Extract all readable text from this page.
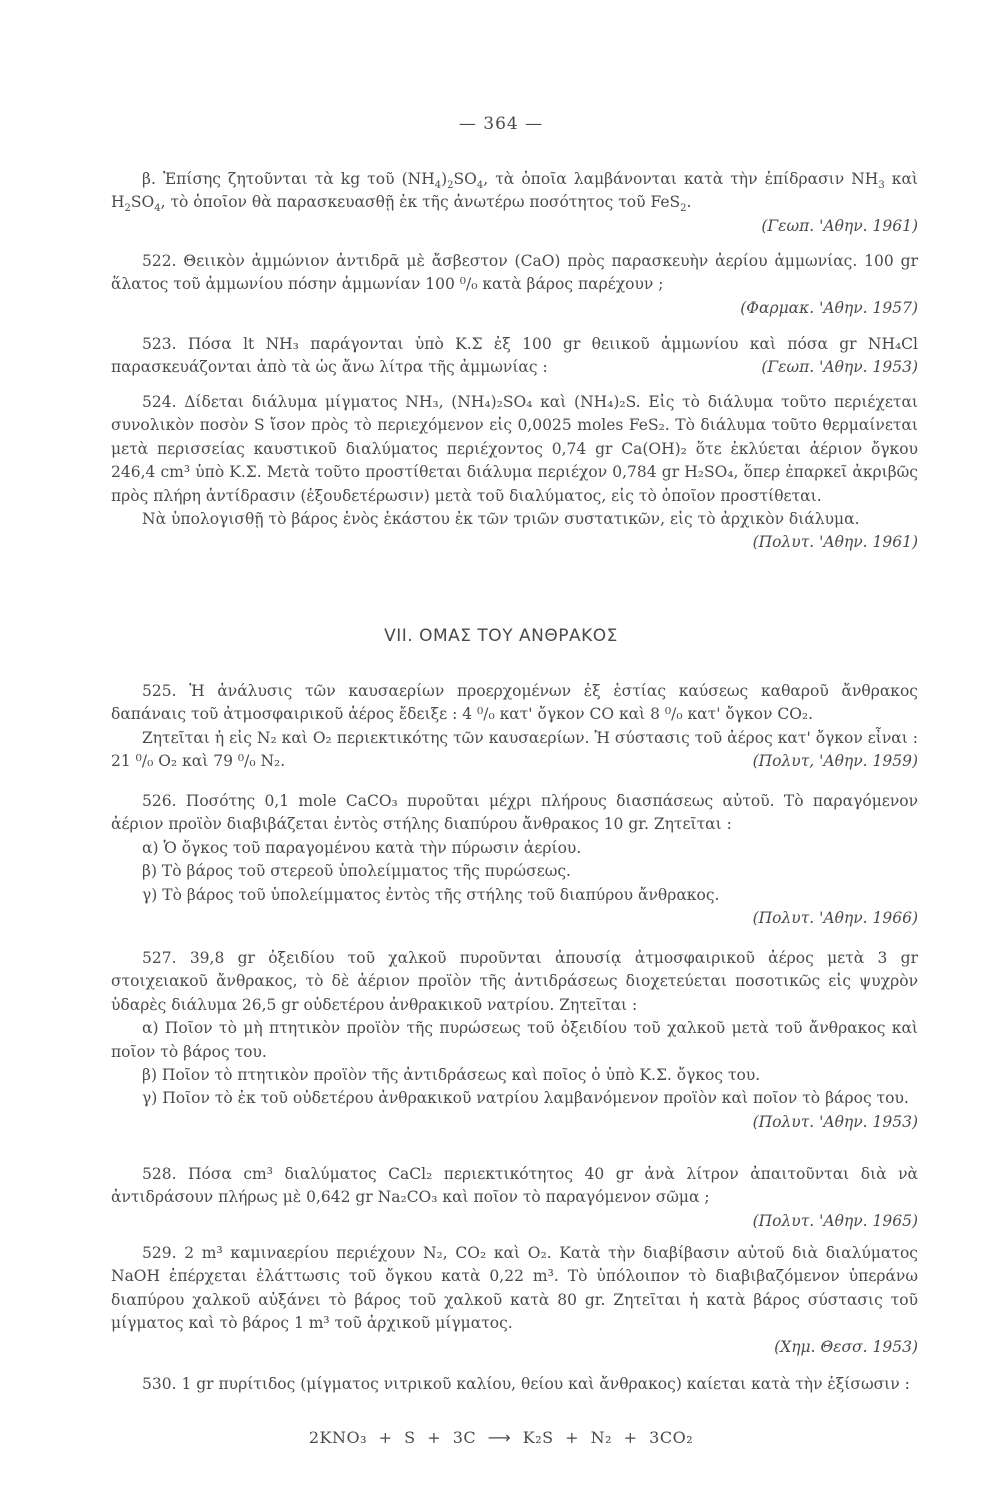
— 364 —

β. Ἐπίσης ζητοῦνται τὰ kg τοῦ $(NH_4)_2SO_4$, τὰ ὁποῖα λαμβάνονται κατὰ τὴν ἐπίδρασιν $NH_3$ καὶ $H_2SO_4$, τὸ ὁποῖον θὰ παρασκευασθῇ ἐκ τῆς ἀνωτέρω ποσότητος τοῦ FeS$_2$.

(Γεωπ. 'Αθην. 1961)

522. Θειικὸν ἀμμώνιον ἀντιδρᾶ μὲ ἄσβεστον (CaO) πρὸς παρασκευὴν ἀερίου ἀμμωνίας. 100 gr ἅλατος τοῦ ἀμμωνίου πόσην ἀμμωνίαν 100 ⁰/₀ κατὰ βάρος παρέχουν ;

(Φαρμακ. 'Αθην. 1957)

523. Πόσα lt NH₃ παράγονται ὑπὸ Κ.Σ ἐξ 100 gr θειικοῦ ἀμμωνίου καὶ πόσα gr NH₄Cl παρασκευάζονται ἀπὸ τὰ ὡς ἄνω λίτρα τῆς ἀμμωνίας :	(Γεωπ. 'Αθην. 1953)

524. Δίδεται διάλυμα μίγματος NH₃, (NH₄)₂SO₄ καὶ (NH₄)₂S. Εἰς τὸ διάλυμα τοῦτο περιέχεται συνολικὸν ποσὸν S ἴσον πρὸς τὸ περιεχόμενον εἰς 0,0025 moles FeS₂. Τὸ διάλυμα τοῦτο θερμαίνεται μετὰ περισσείας καυστικοῦ διαλύματος περιέχοντος 0,74 gr Ca(OH)₂ ὅτε ἐκλύεται ἀέριον ὄγκου 246,4 cm³ ὑπὸ Κ.Σ. Μετὰ τοῦτο προστίθεται διάλυμα περιέχον 0,784 gr H₂SO₄, ὅπερ ἐπαρκεῖ ἀκριβῶς πρὸς πλήρη ἀντίδρασιν (ἐξουδετέρωσιν) μετὰ τοῦ διαλύματος, εἰς τὸ ὁποῖον προστίθεται.

Νὰ ὑπολογισθῇ τὸ βάρος ἑνὸς ἑκάστου ἐκ τῶν τριῶν συστατικῶν, εἰς τὸ ἀρχικὸν διάλυμα.
(Πολυτ. 'Αθην. 1961)

VII. ΟΜΑΣ ΤΟΥ ΑΝΘΡΑΚΟΣ

525. Ἡ ἀνάλυσις τῶν καυσαερίων προερχομένων ἐξ ἑστίας καύσεως καθαροῦ ἄνθρακος δαπάναις τοῦ ἀτμοσφαιρικοῦ ἀέρος ἔδειξε : 4 ⁰/₀ κατ' ὄγκον CO καὶ 8 ⁰/₀ κατ' ὄγκον CO₂.

Ζητεῖται ἡ εἰς N₂ καὶ O₂ περιεκτικότης τῶν καυσαερίων. Ἡ σύστασις τοῦ ἀέρος κατ' ὄγκον εἶναι : 21 ⁰/₀ O₂ καὶ 79 ⁰/₀ N₂.	(Πολυτ, 'Αθην. 1959)

526. Ποσότης 0,1 mole CaCO₃ πυροῦται μέχρι πλήρους διασπάσεως αὐτοῦ. Τὸ παραγόμενον ἀέριον προϊὸν διαβιβάζεται ἐντὸς στήλης διαπύρου ἄνθρακος 10 gr. Ζητεῖται :

α) Ὁ ὄγκος τοῦ παραγομένου κατὰ τὴν πύρωσιν ἀερίου.

β) Τὸ βάρος τοῦ στερεοῦ ὑπολείμματος τῆς πυρώσεως.

γ) Τὸ βάρος τοῦ ὑπολείμματος ἐντὸς τῆς στήλης τοῦ διαπύρου ἄνθρακος.

(Πολυτ. 'Αθην. 1966)

527. 39,8 gr ὀξειδίου τοῦ χαλκοῦ πυροῦνται ἀπουσίᾳ ἀτμοσφαιρικοῦ ἀέρος μετὰ 3 gr στοιχειακοῦ ἄνθρακος, τὸ δὲ ἀέριον προϊὸν τῆς ἀντιδράσεως διοχετεύεται ποσοτικῶς εἰς ψυχρὸν ὑδαρὲς διάλυμα 26,5 gr οὐδετέρου ἀνθρακικοῦ νατρίου. Ζητεῖται :

α) Ποῖον τὸ μὴ πτητικὸν προϊὸν τῆς πυρώσεως τοῦ ὀξειδίου τοῦ χαλκοῦ μετὰ τοῦ ἄνθρακος καὶ ποῖον τὸ βάρος του.

β) Ποῖον τὸ πτητικὸν προϊὸν τῆς ἀντιδράσεως καὶ ποῖος ὁ ὑπὸ Κ.Σ. ὄγκος του.

γ) Ποῖον τὸ ἐκ τοῦ οὐδετέρου ἀνθρακικοῦ νατρίου λαμβανόμενον προϊὸν καὶ ποῖον τὸ βάρος του.
(Πολυτ. 'Αθην. 1953)

528. Πόσα cm³ διαλύματος CaCl₂ περιεκτικότητος 40 gr ἀνὰ λίτρον ἀπαιτοῦνται διὰ νὰ ἀντιδράσουν πλήρως μὲ 0,642 gr Na₂CO₃ καὶ ποῖον τὸ παραγόμενον σῶμα ;

(Πολυτ. 'Αθην. 1965)

529. 2 m³ καμιναερίου περιέχουν N₂, CO₂ καὶ O₂. Κατὰ τὴν διαβίβασιν αὐτοῦ διὰ διαλύματος NaOH ἐπέρχεται ἐλάττωσις τοῦ ὄγκου κατὰ 0,22 m³. Τὸ ὑπόλοιπον τὸ διαβιβαζόμενον ὑπεράνω διαπύρου χαλκοῦ αὐξάνει τὸ βάρος τοῦ χαλκοῦ κατὰ 80 gr. Ζητεῖται ἡ κατὰ βάρος σύστασις τοῦ μίγματος καὶ τὸ βάρος 1 m³ τοῦ ἀρχικοῦ μίγματος.

(Χημ. Θεσσ. 1953)

530. 1 gr πυρίτιδος (μίγματος νιτρικοῦ καλίου, θείου καὶ ἄνθρακος) καίεται κατὰ τὴν ἐξίσωσιν :

2KNO₃ + S + 3C ⟶ K₂S + N₂ + 3CO₂
